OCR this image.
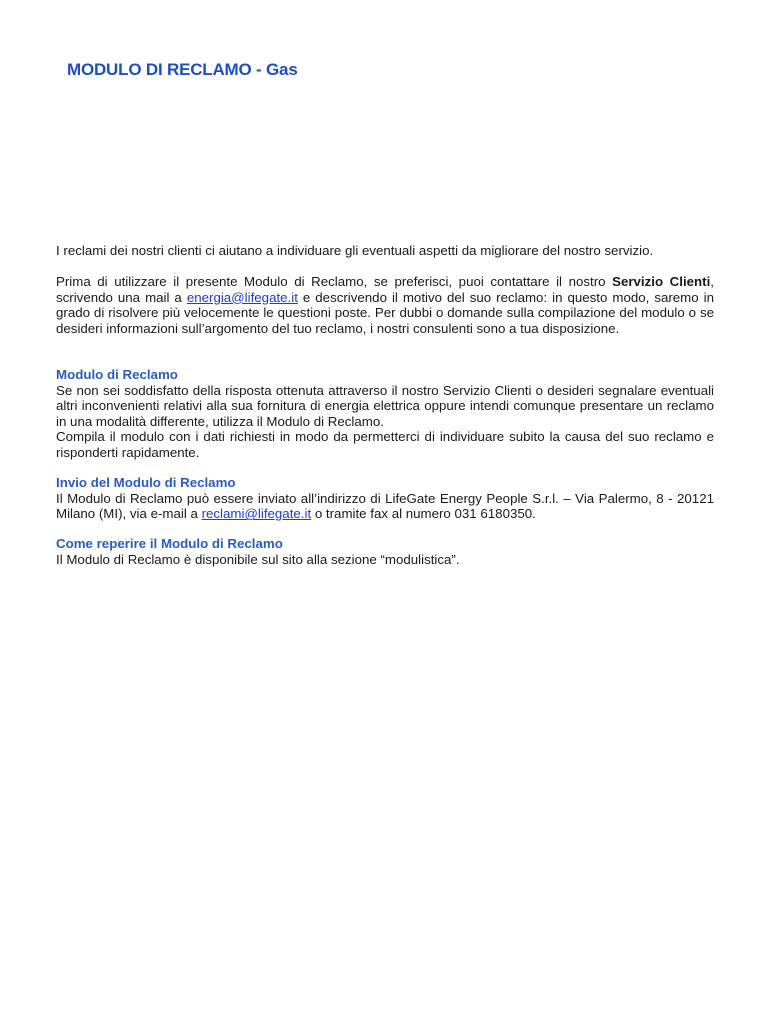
MODULO DI RECLAMO - Gas

I reclami dei nostri clienti ci aiutano a individuare gli eventuali aspetti da migliorare del nostro servizio.

Prima di utilizzare il presente Modulo di Reclamo, se preferisci, puoi contattare il nostro Servizio Clienti, scrivendo una mail a energia@lifegate.it e descrivendo il motivo del suo reclamo: in questo modo, saremo in grado di risolvere più velocemente le questioni poste. Per dubbi o domande sulla compilazione del modulo o se desideri informazioni sull’argomento del tuo reclamo, i nostri consulenti sono a tua disposizione.

Modulo di Reclamo

Se non sei soddisfatto della risposta ottenuta attraverso il nostro Servizio Clienti o desideri segnalare eventuali altri inconvenienti relativi alla sua fornitura di energia elettrica oppure intendi comunque presentare un reclamo in una modalità differente, utilizza il Modulo di Reclamo.

Compila il modulo con i dati richiesti in modo da permetterci di individuare subito la causa del suo reclamo e risponderti rapidamente.

Invio del Modulo di Reclamo

Il Modulo di Reclamo può essere inviato all’indirizzo di LifeGate Energy People S.r.l. – Via Palermo, 8 - 20121 Milano (MI), via e-mail a reclami@lifegate.it o tramite fax al numero 031 6180350.

Come reperire il Modulo di Reclamo

Il Modulo di Reclamo è disponibile sul sito alla sezione “modulistica”.
